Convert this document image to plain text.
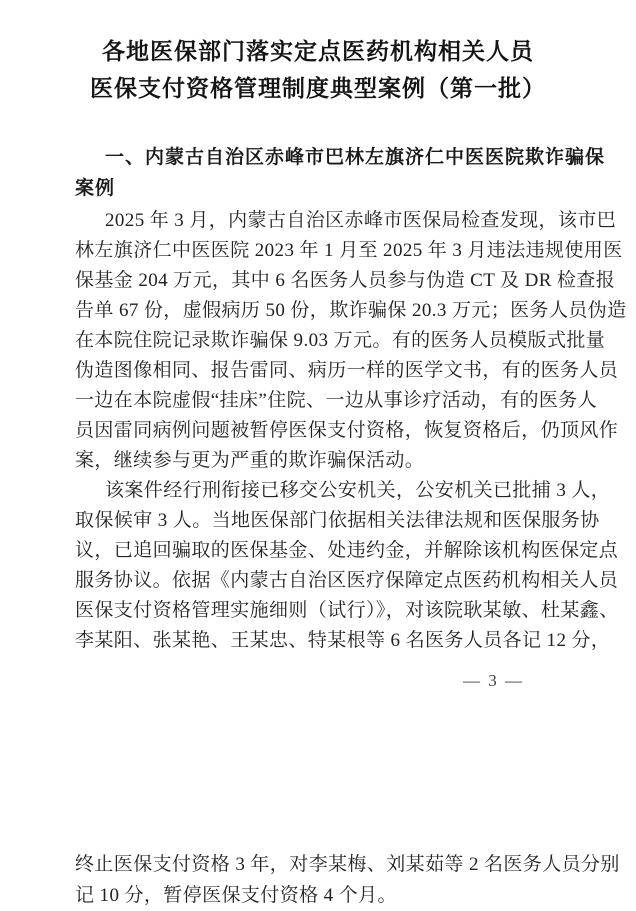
各地医保部门落实定点医药机构相关人员
医保支付资格管理制度典型案例（第一批）
一、内蒙古自治区赤峰市巴林左旗济仁中医医院欺诈骗保
案例
2025 年 3 月，内蒙古自治区赤峰市医保局检查发现，该市巴
林左旗济仁中医医院 2023 年 1 月至 2025 年 3 月违法违规使用医
保基金 204 万元，其中 6 名医务人员参与伪造 CT 及 DR 检查报
告单 67 份，虚假病历 50 份，欺诈骗保 20.3 万元；医务人员伪造
在本院住院记录欺诈骗保 9.03 万元。有的医务人员模版式批量
伪造图像相同、报告雷同、病历一样的医学文书，有的医务人员
一边在本院虚假“挂床”住院、一边从事诊疗活动，有的医务人
员因雷同病例问题被暂停医保支付资格，恢复资格后，仍顶风作
案，继续参与更为严重的欺诈骗保活动。
该案件经行刑衔接已移交公安机关，公安机关已批捕 3 人，
取保候审 3 人。当地医保部门依据相关法律法规和医保服务协
议，已追回骗取的医保基金、处违约金，并解除该机构医保定点
服务协议。依据《内蒙古自治区医疗保障定点医药机构相关人员
医保支付资格管理实施细则（试行）》，对该院耿某敏、杜某鑫、
李某阳、张某艳、王某忠、特某根等 6 名医务人员各记 12 分，
— 3 —
终止医保支付资格 3 年，对李某梅、刘某茹等 2 名医务人员分别
记 10 分，暂停医保支付资格 4 个月。
